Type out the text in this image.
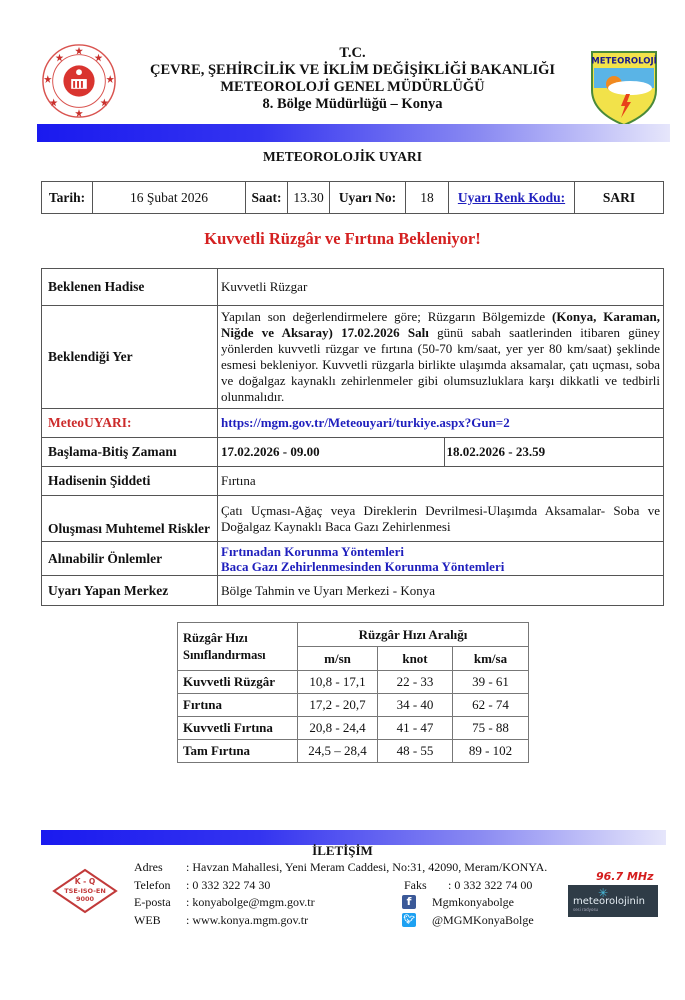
T.C.
ÇEVRE, ŞEHİRCİLİK VE İKLİM DEĞİŞİKLİĞİ BAKANLIĞI
METEOROLOJİ GENEL MÜDÜRLÜĞÜ
8. Bölge Müdürlüğü – Konya
METEOROLOJİ
METEOROLOJİK UYARI
Tarih:	16 Şubat 2026	Saat:	13.30	Uyarı No:	18	Uyarı Renk Kodu:	SARI
Kuvvetli Rüzgâr ve Fırtına Bekleniyor!
Beklenen Hadise	Kuvvetli Rüzgar
Beklendiği Yer	Yapılan son değerlendirmelere göre; Rüzgarın Bölgemizde (Konya, Karaman, Niğde ve Aksaray) 17.02.2026 Salı günü sabah saatlerinden itibaren güney yönlerden kuvvetli rüzgar ve fırtına (50-70 km/saat, yer yer 80 km/saat) şeklinde esmesi bekleniyor. Kuvvetli rüzgarla birlikte ulaşımda aksamalar, çatı uçması, soba ve doğalgaz kaynaklı zehirlenmeler gibi olumsuzluklara karşı dikkatli ve tedbirli olunmalıdır.
MeteoUYARI:	https://mgm.gov.tr/Meteouyari/turkiye.aspx?Gun=2
Başlama-Bitiş Zamanı		17.02.2026 - 09.00	18.02.2026 - 23.59

Hadisenin Şiddeti	Fırtına
Oluşması Muhtemel Riskler	Çatı Uçması-Ağaç veya Direklerin Devrilmesi-Ulaşımda Aksamalar- Soba ve Doğalgaz Kaynaklı Baca Gazı Zehirlenmesi
Alınabilir Önlemler	Fırtınadan Korunma Yöntemleri
Baca Gazı Zehirlenmesinden Korunma Yöntemleri

Uyarı Yapan Merkez	Bölge Tahmin ve Uyarı Merkezi - Konya
Rüzgâr Hızı Sınıflandırması	Rüzgâr Hızı Aralığı		
	m/sn	knot	km/sa
Kuvvetli Rüzgâr	10,8 - 17,1	22 - 33	39 - 61
Fırtına	17,2 - 20,7	34 - 40	62 - 74
Kuvvetli Fırtına	20,8 - 24,4	41 - 47	75 - 88
Tam Fırtına	24,5 – 28,4	48 - 55	89 - 102
İLETİŞİM
K - Q
TSE-ISO-EN
9000
Adres	: Havzan Mahallesi, Yeni Meram Caddesi, No:31, 42090, Meram/KONYA.
Telefon	: 0 332 322 74 30	Faks	: 0 332 322 74 00
E-posta	: konyabolge@mgm.gov.tr	f	Mgmkonyabolge
WEB	: www.konya.mgm.gov.tr	🐦︎ @MGMKonyaBolge
96.7 MHz
✳
meteorolojinin
sesi radyosu
